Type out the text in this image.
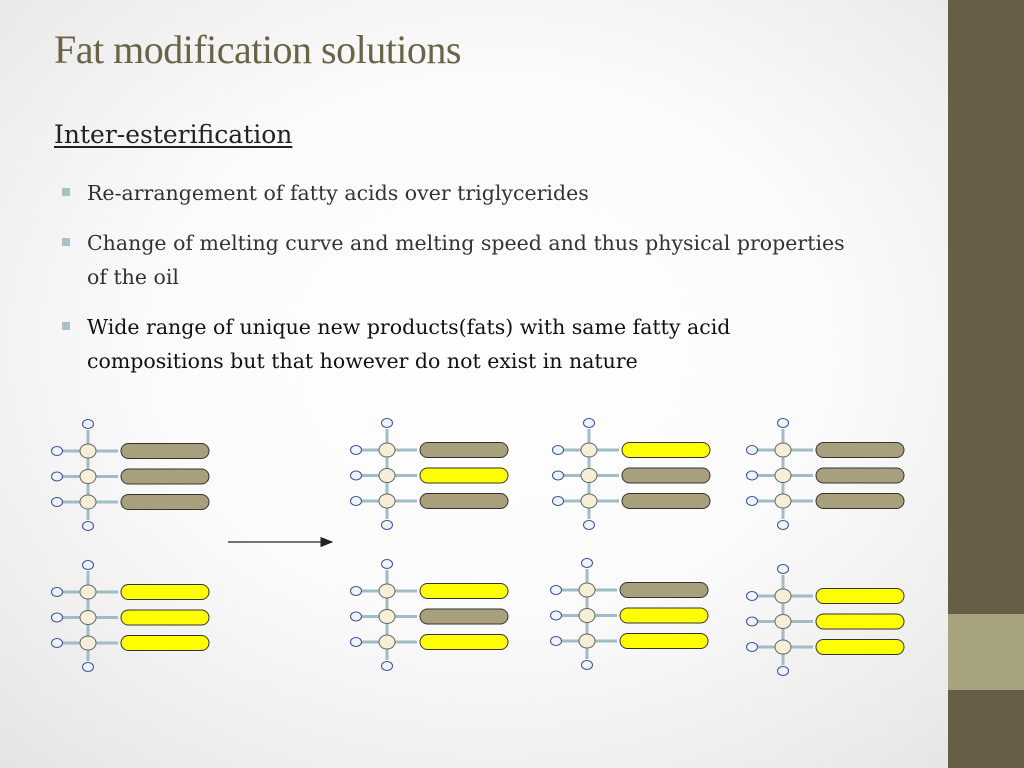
Fat modification solutions
Inter-esterification
Re-arrangement of fatty acids over triglycerides
Change of melting curve and melting speed and thus physical properties of the oil
Wide range of unique new products(fats) with same fatty acid compositions but that however do not exist in nature
